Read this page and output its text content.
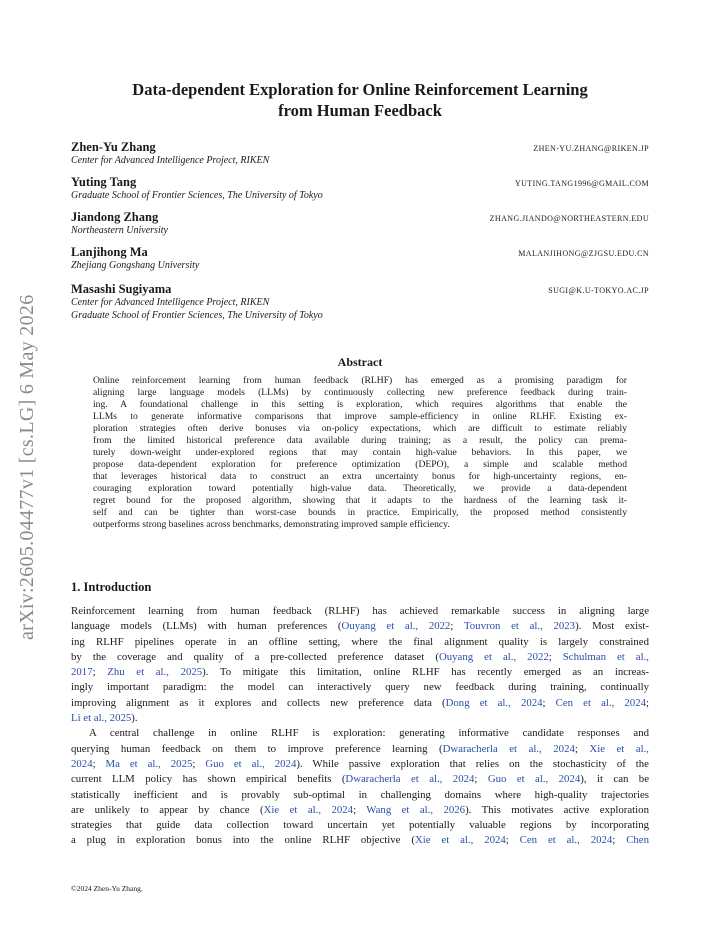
arXiv:2605.04477v1 [cs.LG] 6 May 2026
Data-dependent Exploration for Online Reinforcement Learning
from Human Feedback
Zhen-Yu Zhang	ZHEN-YU.ZHANG@RIKEN.JP
Center for Advanced Intelligence Project, RIKEN
Yuting Tang	YUTING.TANG1996@GMAIL.COM
Graduate School of Frontier Sciences, The University of Tokyo
Jiandong Zhang	ZHANG.JIANDO@NORTHEASTERN.EDU
Northeastern University
Lanjihong Ma	MALANJIHONG@ZJGSU.EDU.CN
Zhejiang Gongshang University
Masashi Sugiyama	SUGI@K.U-TOKYO.AC.JP
Center for Advanced Intelligence Project, RIKEN
Graduate School of Frontier Sciences, The University of Tokyo
Abstract
Online reinforcement learning from human feedback (RLHF) has emerged as a promising paradigm for
aligning large language models (LLMs) by continuously collecting new preference feedback during train-
ing. A foundational challenge in this setting is exploration, which requires algorithms that enable the
LLMs to generate informative comparisons that improve sample-efficiency in online RLHF. Existing ex-
ploration strategies often derive bonuses via on-policy expectations, which are difficult to estimate reliably
from the limited historical preference data available during training; as a result, the policy can prema-
turely down-weight under-explored regions that may contain high-value behaviors. In this paper, we
propose data-dependent exploration for preference optimization (DEPO), a simple and scalable method
that leverages historical data to construct an extra uncertainty bonus for high-uncertainty regions, en-
couraging exploration toward potentially high-value data. Theoretically, we provide a data-dependent
regret bound for the proposed algorithm, showing that it adapts to the hardness of the learning task it-
self and can be tighter than worst-case bounds in practice. Empirically, the proposed method consistently
outperforms strong baselines across benchmarks, demonstrating improved sample efficiency.
1. Introduction
Reinforcement learning from human feedback (RLHF) has achieved remarkable success in aligning large
language models (LLMs) with human preferences (Ouyang et al., 2022; Touvron et al., 2023). Most exist-
ing RLHF pipelines operate in an offline setting, where the final alignment quality is largely constrained
by the coverage and quality of a pre-collected preference dataset (Ouyang et al., 2022; Schulman et al.,
2017; Zhu et al., 2025). To mitigate this limitation, online RLHF has recently emerged as an increas-
ingly important paradigm: the model can interactively query new feedback during training, continually
improving alignment as it explores and collects new preference data (Dong et al., 2024; Cen et al., 2024;
Li et al., 2025).
A central challenge in online RLHF is exploration: generating informative candidate responses and
querying human feedback on them to improve preference learning (Dwaracherla et al., 2024; Xie et al.,
2024; Ma et al., 2025; Guo et al., 2024). While passive exploration that relies on the stochasticity of the
current LLM policy has shown empirical benefits (Dwaracherla et al., 2024; Guo et al., 2024), it can be
statistically inefficient and is provably sub-optimal in challenging domains where high-quality trajectories
are unlikely to appear by chance (Xie et al., 2024; Wang et al., 2026). This motivates active exploration
strategies that guide data collection toward uncertain yet potentially valuable regions by incorporating
a plug in exploration bonus into the online RLHF objective (Xie et al., 2024; Cen et al., 2024; Chen
©2024 Zhen-Yu Zhang.
